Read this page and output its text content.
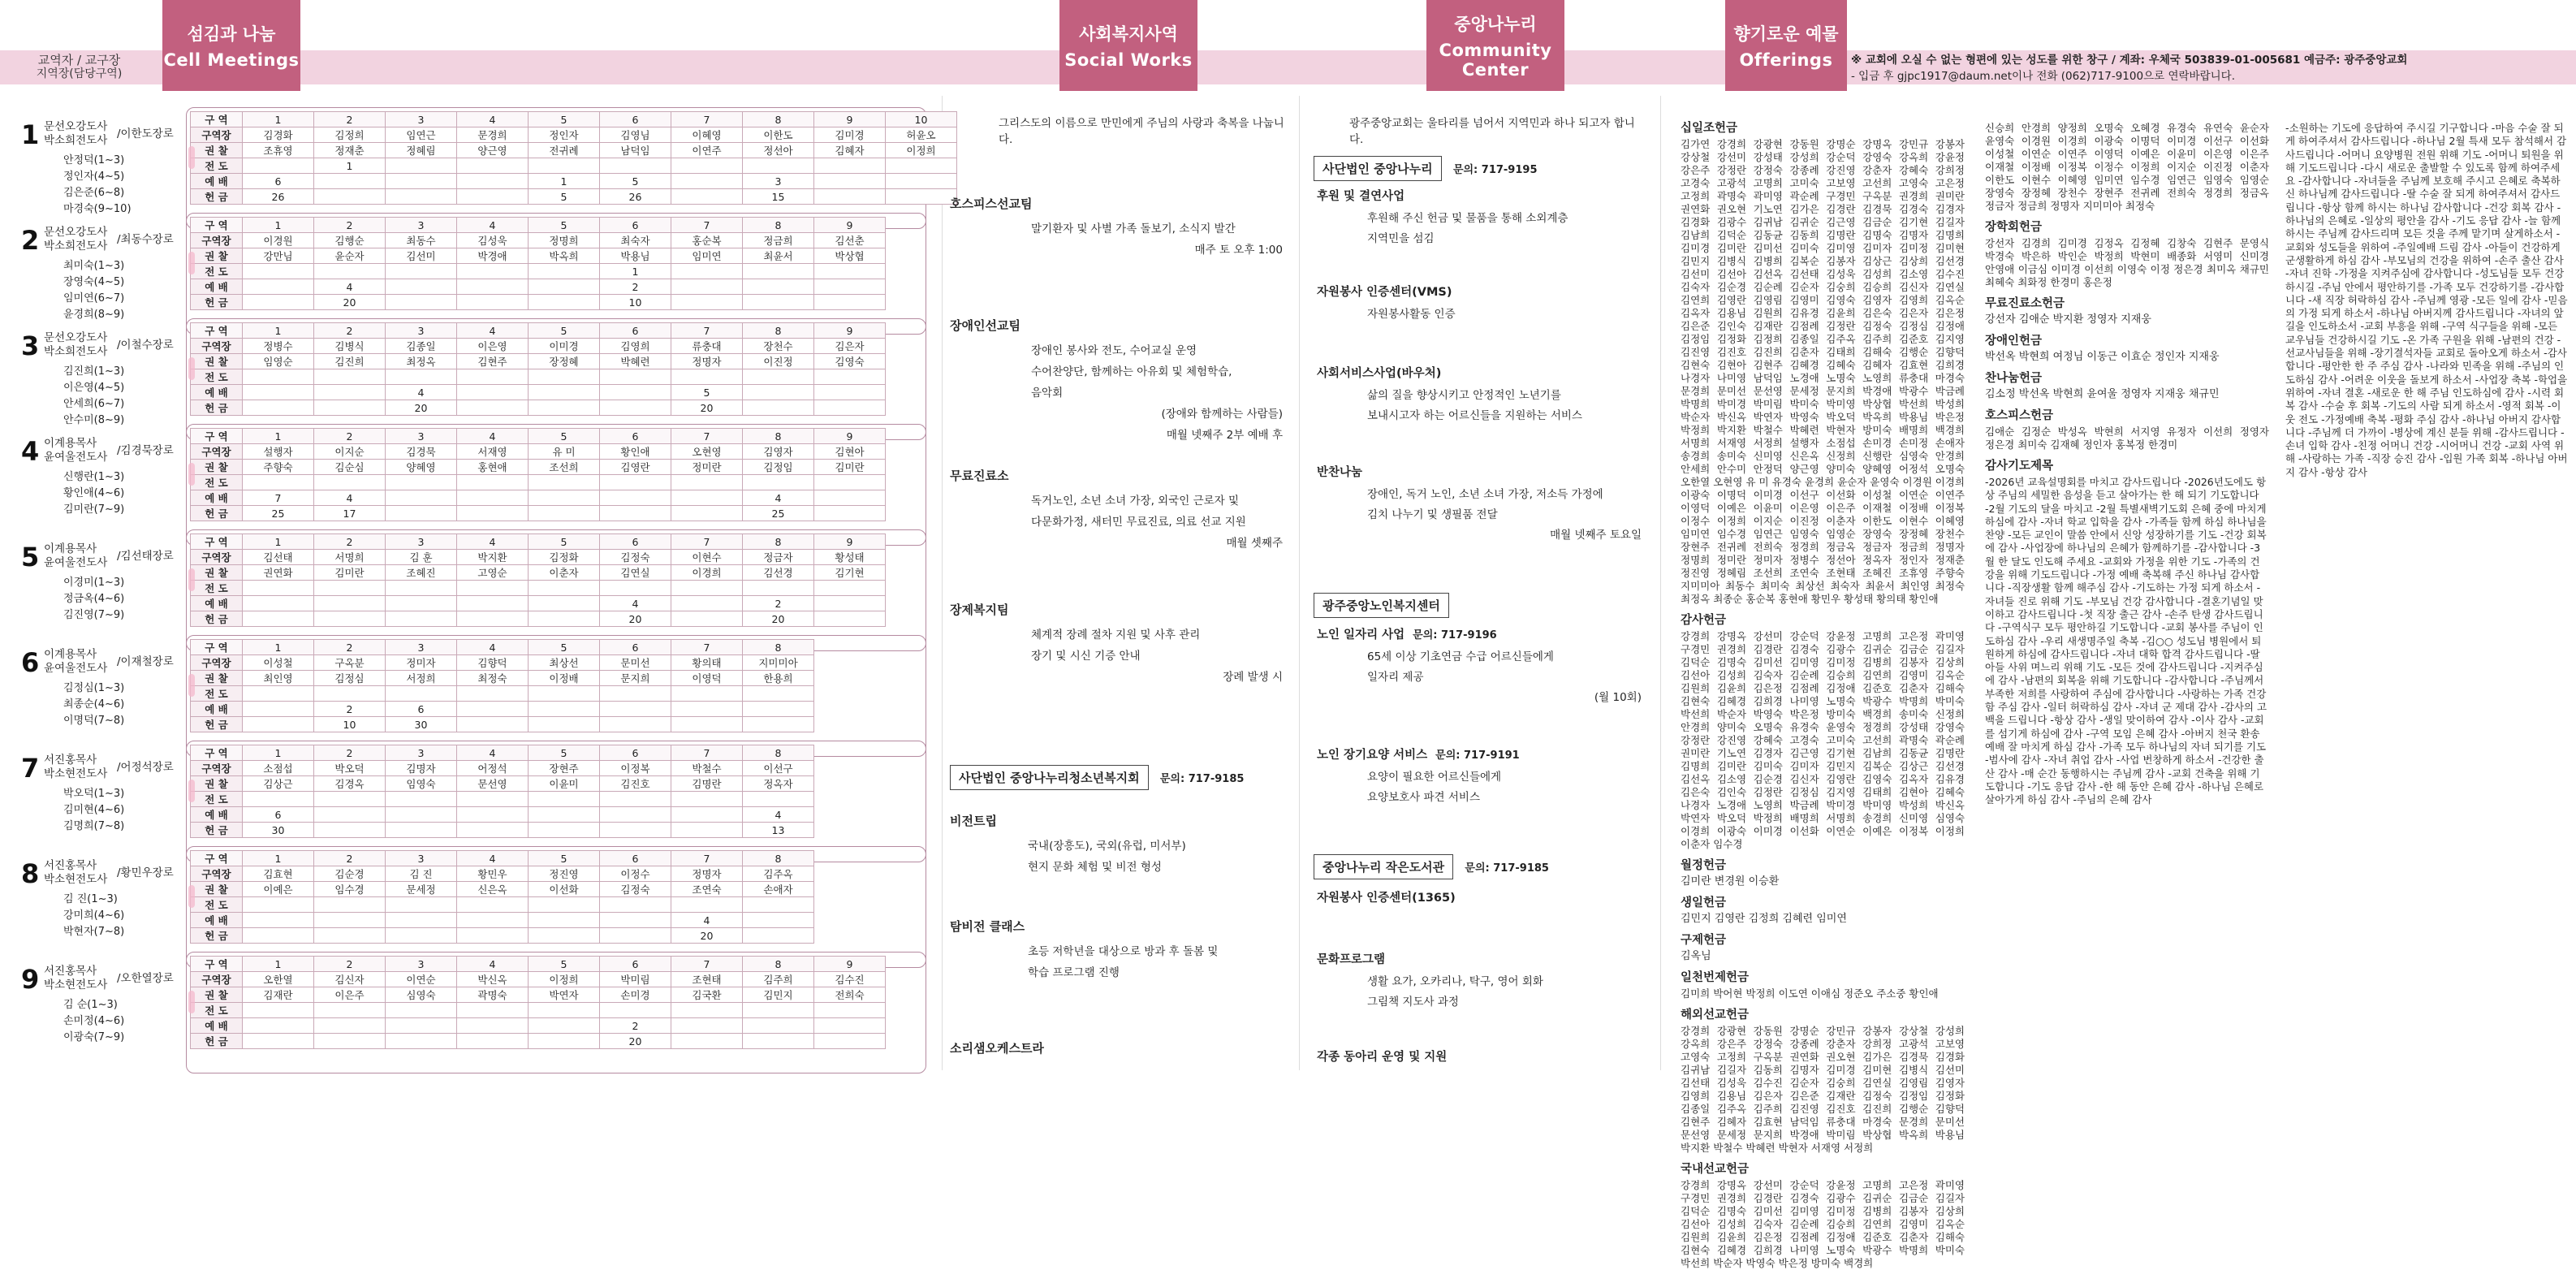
교역자 / 교구장
지역장(담당구역)
섬김과 나눔
Cell Meetings
사회복지사역
Social Works
중앙나누리
Community Center
향기로운 예물
Offerings ※ 교회에 오실 수 없는 형편에 있는 성도를 위한 창구 / 계좌: 우체국 503839-01-005681 예금주: 광주중앙교회
- 입금 후 gjpc1917@daum.net이나 전화 (062)717-9100으로 연락바랍니다.
1 문선오강도사
박소희전도사 /이한도장로
안정덕(1~3)
정인자(4~5)
김은준(6~8)
마경숙(9~10)
구 역	1	2	3	4	5	6	7	8	9	10
구역장	김경화	김정희	임연근	문경희	정인자	김영님	이혜영	이한도	김미경	허윤오
권 찰	조휴영	정재춘	정혜림	양근영	전귀례	남덕임	이연주	정선아	김혜자	이정희
전 도		1								
예 배	6				1	5		3		
헌 금	26				5	26		15		
2 문선오강도사
박소희전도사 /최동수장로
최미숙(1~3)
장영숙(4~5)
임미연(6~7)
윤경희(8~9)
구 역	1	2	3	4	5	6	7	8	9
구역장	이경원	김행순	최동수	김성욱	정명희	최숙자	홍순복	정금희	김선춘
권 찰	강만님	윤순자	김선미	박경애	박옥희	박용님	임미연	최윤서	박상협
전 도						1			
예 배		4				2			
헌 금		20				10			
3 문선오강도사
박소희전도사 /이철수장로
김진희(1~3)
이은영(4~5)
안세희(6~7)
안수미(8~9)
구 역	1	2	3	4	5	6	7	8	9
구역장	정병수	김병식	김종일	이은영	이미경	김영희	류충대	장천수	김은자
권 찰	임영순	김진희	최정옥	김현주	장정혜	박혜련	정명자	이진정	김영숙
전 도									
예 배			4				5		
헌 금			20				20		
4 이계용목사
윤여울전도사 /김경묵장로
신행란(1~3)
황인애(4~6)
김미란(7~9)
구 역	1	2	3	4	5	6	7	8	9
구역장	설행자	이지순	김경묵	서재영	유 미	황인애	오현영	김영자	김현아
권 찰	주향숙	김순심	양혜영	홍현애	조선희	김영란	정미란	김정임	김미란
전 도									
예 배	7	4						4	
헌 금	25	17						25	
5 이계용목사
윤여울전도사 /김선태장로
이경미(1~3)
정금옥(4~6)
김진영(7~9)
구 역	1	2	3	4	5	6	7	8	9
구역장	김선태	서명희	김 훈	박지환	김정화	김정숙	이현수	정금자	황성태
권 찰	권연화	김미란	조혜진	고영순	이춘자	김연실	이경희	김선경	김기현
전 도									
예 배						4		2	
헌 금						20		20	
6 이계용목사
윤여울전도사 /이재철장로
김정심(1~3)
최종순(4~6)
이명덕(7~8)
구 역	1	2	3	4	5	6	7	8
구역장	이성철	구옥분	정미자	김향덕	최상선	문미선	황의태	지미미아
권 찰	최인영	김정심	서정희	최정숙	이정배	문지희	이영덕	한용희
전 도								
예 배		2	6					
헌 금		10	30					
7 서진홍목사
박소현전도사 /어정석장로
박오덕(1~3)
김미현(4~6)
김명희(7~8)
구 역	1	2	3	4	5	6	7	8
구역장	소점섭	박오덕	김명자	어정석	장현주	이정복	박철수	이선구
권 찰	김상근	김경옥	임영숙	문선영	이윤미	김진호	김명란	정옥자
전 도								
예 배	6							4
헌 금	30							13
8 서진홍목사
박소현전도사 /황민우장로
김 진(1~3)
강미희(4~6)
박현자(7~8)
구 역	1	2	3	4	5	6	7	8
구역장	김효현	김순경	김 진	황민우	정진영	이정수	정명자	김주옥
권 찰	이예은	임수경	문세정	신은옥	이선화	김정숙	조연숙	손애자
전 도								
예 배							4	
헌 금							20	
9 서진홍목사
박소현전도사 /오한열장로
김 순(1~3)
손미정(4~6)
이광숙(7~9)
구 역	1	2	3	4	5	6	7	8	9
구역장	오한열	김신자	이연순	박신옥	이정희	박미림	조현태	김주희	김수진
권 찰	김재란	이은주	심영숙	곽명숙	박연자	손미경	김국환	김민지	전희숙
전 도									
예 배						2			
헌 금						20			
그리스도의 이름으로 만민에게 주님의 사랑과 축복을 나눕니다.
호스피스선교팀
말기환자 및 사별 가족 돌보기, 소식지 발간
매주 토 오후 1:00
장애인선교팀
장애인 봉사와 전도, 수어교실 운영
수어찬양단, 함께하는 아유회 및 체험학습,
음악회
(장애와 함께하는 사람들)
매월 넷째주 2부 예배 후
무료진료소
독거노인, 소년 소녀 가장, 외국인 근로자 및
다문화가정, 새터민 무료진료, 의료 선교 지원
매월 셋째주
장제복지팀
체계적 장례 절차 지원 및 사후 관리
장기 및 시신 기증 안내
장례 발생 시
사단법인 중앙나누리청소년복지회 문의: 717-9185
비전트립
국내(장흥도), 국외(유럽, 미서부)
현지 문화 체험 및 비전 형성
탐비전 클래스
초등 저학년을 대상으로 방과 후 돌봄 및
학습 프로그램 진행
소리샘오케스트라
광주중앙교회는 울타리를 넘어서 지역민과 하나 되고자 합니다.
사단법인 중앙나누리 문의: 717-9195
후원 및 결연사업
후원해 주신 헌금 및 물품을 통해 소외계층
지역민을 섬김
자원봉사 인증센터(VMS)
자원봉사활동 인증
사회서비스사업(바우처)
삶의 질을 향상시키고 안정적인 노년기를
보내시고자 하는 어르신들을 지원하는 서비스
반찬나눔
장애인, 독거 노인, 소년 소녀 가장, 저소득 가정에
김치 나누기 및 생필품 전달
매월 넷째주 토요일
광주중앙노인복지센터
노인 일자리 사업 문의: 717-9196
65세 이상 기초연금 수급 어르신들에게
일자리 제공
(월 10회)
노인 장기요양 서비스 문의: 717-9191
요양이 필요한 어르신들에게
요양보호사 파견 서비스
중앙나누리 작은도서관 문의: 717-9185
자원봉사 인증센터(1365)
문화프로그램
생활 요가, 오카리나, 탁구, 영어 회화
그림책 지도사 과정
각종 동아리 운영 및 지원
십일조헌금
김가연 강경희 강광현 강동원 강명순 강명옥 강민규 강봉자 강상철 강선미 강성태 강성희 강순덕 강영숙 강옥희 강윤정 강은주 강정란 강정숙 강종례 강진영 강춘자 강혜숙 강희정 고경숙 고광석 고명희 고미숙 고보영 고선희 고영숙 고은정 고정희 곽명숙 곽미영 곽순례 구경민 구옥분 권경희 권미란 권연화 권오현 기노연 김가은 김경란 김경묵 김경숙 김경자 김경화 김광수 김귀남 김귀순 김근영 김금순 김기현 김길자 김남희 김덕순 김동균 김동희 김명란 김명숙 김명자 김명희 김미경 김미란 김미선 김미숙 김미영 김미자 김미정 김미현 김민지 김병식 김병희 김복순 김봉자 김상근 김상희 김선경 김선미 김선아 김선옥 김선태 김성욱 김성희 김소영 김수진 김숙자 김순경 김순례 김순자 김숭희 김승희 김신자 김연실 김연희 김영란 김영림 김영미 김영숙 김영자 김영희 김옥순 김옥자 김용님 김원희 김유경 김윤희 김은숙 김은자 김은정 김은준 김인숙 김재란 김점례 김정란 김정숙 김정심 김정애 김정임 김정화 김정희 김종일 김주옥 김주희 김준호 김지영 김진영 김진호 김진희 김춘자 김태희 김해숙 김행순 김향덕 김현숙 김현아 김현주 김혜경 김혜숙 김혜자 김효현 김희경 나경자 나미영 남덕임 노경애 노명숙 노영희 류충대 마경숙 문경희 문미선 문선영 문세정 문지희 박경애 박광수 박금례 박명희 박미경 박미림 박미숙 박미영 박상협 박선희 박성희 박순자 박신옥 박연자 박영숙 박오덕 박옥희 박용님 박은정 박정희 박지환 박철수 박혜련 박현자 방미숙 배명희 백경희 서명희 서재영 서정희 설행자 소점섭 손미경 손미정 손애자 송경희 송미숙 신미영 신은옥 신정희 신행란 심영숙 안경희 안세희 안수미 안정덕 양근영 양미숙 양혜영 어정석 오명숙 오한열 오현영 유 미 유경숙 윤경희 윤순자 윤영숙 이경원 이경희 이광숙 이명덕 이미경 이선구 이선화 이성철 이연순 이연주 이영덕 이예은 이윤미 이은영 이은주 이재철 이정배 이정복 이정수 이정희 이지순 이진정 이춘자 이한도 이현수 이혜영 임미연 임수경 임연근 임영숙 임영순 장영숙 장정혜 장천수 장현주 전귀례 전희숙 정경희 정금옥 정금자 정금희 정명자 정명희 정미란 정미자 정병수 정선아 정옥자 정인자 정재춘 정진영 정혜림 조선희 조연숙 조현태 조혜진 조휴영 주향숙 지미미아 최동수 최미숙 최상선 최숙자 최윤서 최인영 최정숙 최정옥 최종순 홍순복 홍현애 황민우 황성태 황의태 황인애
감사헌금
강경희 강명옥 강선미 강순덕 강윤정 고명희 고은정 곽미영 구경민 권경희 김경란 김경숙 김광수 김귀순 김금순 김길자 김덕순 김명숙 김미선 김미영 김미정 김병희 김봉자 김상희 김선아 김성희 김숙자 김순례 김승희 김연희 김영미 김옥순 김원희 김윤희 김은정 김점례 김정애 김준호 김춘자 김해숙 김현숙 김혜경 김희경 나미영 노명숙 박광수 박명희 박미숙 박선희 박순자 박영숙 박은정 방미숙 백경희 송미숙 신정희 안경희 양미숙 오명숙 유경숙 윤영숙 정경희 강성태 강영숙 강정란 강진영 강혜숙 고경숙 고미숙 고선희 곽명숙 곽순례 권미란 기노연 김경자 김근영 김기현 김남희 김동균 김명란 김명희 김미란 김미숙 김미자 김민지 김복순 김상근 김선경 김선옥 김소영 김순경 김신자 김영란 김영숙 김옥자 김유경 김은숙 김인숙 김정란 김정심 김지영 김태희 김현아 김혜숙 나경자 노경애 노영희 박금례 박미경 박미영 박성희 박신옥 박연자 박오덕 박정희 배명희 서명희 송경희 신미영 심영숙 이경희 이광숙 이미경 이선화 이연순 이예은 이정복 이정희 이춘자 임수경
월정헌금
김미란 변경원 이승환
생일헌금
김민지 김영란 김정희 김혜련 임미연
구제헌금
김옥님
일천번제헌금
김미희 박어현 박정희 이도연 이애심 정준오 주소중 황인애
해외선교헌금
강경희 강광현 강동원 강명순 강민규 강봉자 강상철 강성희 강옥희 강은주 강정숙 강종례 강춘자 강희정 고광석 고보영 고영숙 고정희 구옥분 권연화 권오현 김가은 김경묵 김경화 김귀남 김길자 김동희 김명자 김미경 김미현 김병식 김선미 김선태 김성욱 김수진 김순자 김숭희 김연실 김영림 김영자 김영희 김용님 김은자 김은준 김재란 김정숙 김정임 김정화 김종일 김주옥 김주희 김진영 김진호 김진희 김행순 김향덕 김현주 김혜자 김효현 남덕임 류충대 마경숙 문경희 문미선 문선영 문세정 문지희 박경애 박미림 박상협 박옥희 박용님 박지환 박철수 박혜련 박현자 서재영 서정희
국내선교헌금
강경희 강명옥 강선미 강순덕 강윤정 고명희 고은정 곽미영 구경민 권경희 김경란 김경숙 김광수 김귀순 김금순 김길자 김덕순 김명숙 김미선 김미영 김미정 김병희 김봉자 김상희 김선아 김성희 김숙자 김순례 김승희 김연희 김영미 김옥순 김원희 김윤희 김은정 김점례 김정애 김준호 김춘자 김해숙 김현숙 김혜경 김희경 나미영 노명숙 박광수 박명희 박미숙 박선희 박순자 박영숙 박은정 방미숙 백경희
신승희 안경희 양정희 오명숙 오혜경 유경숙 유연숙 윤순자 윤영숙 이경원 이경희 이광숙 이명덕 이미경 이선구 이선화 이성철 이연순 이연주 이영덕 이예은 이윤미 이은영 이은주 이재철 이정배 이정복 이정수 이정희 이지순 이진정 이춘자 이한도 이현수 이혜영 임미연 임수경 임연근 임영숙 임영순 장영숙 장정혜 장천수 장현주 전귀례 전희숙 정경희 정금옥 정금자 정금희 정명자 지미미아 최정숙
장학회헌금
강선자 김경희 김미경 김정옥 김정혜 김창숙 김현주 문영식 박경숙 박은하 박인순 박정희 박현미 배종화 서영미 신미경 안영애 이금심 이미경 이선희 이영숙 이정 정은경 최미옥 채규민 최혜숙 최화정 한경미 홍은정
무료진료소헌금
강선자 김애순 박지환 정영자 지재웅
장애인헌금
박선옥 박현희 여정님 이동근 이효순 정인자 지재웅
찬나눔헌금
김소정 박선옥 박현희 윤여울 정영자 지재웅 채규민
호스피스헌금
김애순 김정순 박성옥 박현희 서지영 유정자 이선희 정영자 정은경 최미숙 김재혜 정인자 홍복정 한경미
감사기도제목
-2026년 교육설명회를 마치고 감사드립니다 -2026년도에도 항상 주님의 세밀한 음성을 듣고 살아가는 한 해 되기 기도합니다 -2월 기도의 달을 마치고 -2월 특별새벽기도회 은혜 중에 마치게 하심에 감사 -자녀 학교 입학을 감사 -가족들 함께 하심 하나님을 찬양 -모든 교인이 말씀 안에서 신앙 성장하기를 기도 -건강 회복에 감사 -사업장에 하나님의 은혜가 함께하기를 -감사합니다 -3월 한 달도 인도해 주세요 -교회와 가정을 위한 기도 -가족의 건강을 위해 기도드립니다 -가정 예배 축복해 주신 하나님 감사합니다 -직장생활 함께 해주심 감사 -기도하는 가정 되게 하소서 -자녀들 진로 위해 기도 -부모님 건강 감사합니다 -결혼기념일 맞이하고 감사드립니다 -첫 직장 출근 감사 -손주 탄생 감사드립니다 -구역식구 모두 평안하길 기도합니다 -교회 봉사를 주님이 인도하심 감사 -우리 새생명주일 축복 -김○○ 성도님 병원에서 퇴원하게 하심에 감사드립니다 -자녀 대학 합격 감사드립니다 -딸 아들 사위 며느리 위해 기도 -모든 것에 감사드립니다 -지켜주심에 감사 -남편의 회복을 위해 기도합니다 -감사합니다 -주님께서 부족한 저희를 사랑하여 주심에 감사합니다 -사랑하는 가족 건강함 주심 감사 -일터 허락하심 감사 -자녀 군 제대 감사 -감사의 고백을 드립니다 -항상 감사 -생일 맞이하여 감사 -이사 감사 -교회를 섬기게 하심에 감사 -구역 모임 은혜 감사 -아버지 천국 환송예배 잘 마치게 하심 감사 -가족 모두 하나님의 자녀 되기를 기도 -범사에 감사 -자녀 취업 감사 -사업 번창하게 하소서 -건강한 출산 감사 -매 순간 동행하시는 주님께 감사 -교회 건축을 위해 기도합니다 -기도 응답 감사 -한 해 동안 은혜 감사 -하나님 은혜로 살아가게 하심 감사 -주님의 은혜 감사
-소원하는 기도에 응답하여 주시길 기구합니다 -마음 수술 잘 되게 하여주셔서 감사드립니다 -하나님 2월 특새 모두 참석해서 감사드립니다 -어머니 요양병원 전원 위해 기도 -어머니 퇴원을 위해 기도드립니다 -다시 새로운 출발할 수 있도록 함께 하여주세요 -감사합니다 -자녀들을 주님께 보호해 주시고 은혜로 축복하신 하나님께 감사드립니다 -딸 수술 잘 되게 하여주셔서 감사드립니다 -항상 함께 하시는 하나님 감사합니다 -건강 회복 감사 -하나님의 은혜로 -일상의 평안을 감사 -기도 응답 감사 -늘 함께하시는 주님께 감사드리며 모든 것을 주께 맡기며 살게하소서 -교회와 성도들을 위하여 -주일예배 드림 감사 -아들이 건강하게 군생활하게 하심 감사 -부모님의 건강을 위하여 -손주 출산 감사 -자녀 진학 -가정을 지켜주심에 감사합니다 -성도님들 모두 건강하시길 -주님 안에서 평안하기를 -가족 모두 건강하기를 -감사합니다 -새 직장 허락하심 감사 -주님께 영광 -모든 일에 감사 -믿음의 가정 되게 하소서 -하나님 아버지께 감사드립니다 -자녀의 앞길을 인도하소서 -교회 부흥을 위해 -구역 식구들을 위해 -모든 교우님들 건강하시길 기도 -온 가족 구원을 위해 -남편의 건강 -선교사님들을 위해 -장기결석자들 교회로 돌아오게 하소서 -감사합니다 -평안한 한 주 주심 감사 -나라와 민족을 위해 -주님의 인도하심 감사 -어려운 이웃을 돌보게 하소서 -사업장 축복 -학업을 위하여 -자녀 결혼 -새로운 한 해 주님 인도하심에 감사 -시력 회복 감사 -수술 후 회복 -기도의 사람 되게 하소서 -영적 회복 -이웃 전도 -가정예배 축복 -평화 주심 감사 -하나님 아버지 감사합니다 -주님께 더 가까이 -병상에 계신 분들 위해 -감사드립니다 -손녀 입학 감사 -친정 어머니 건강 -시어머니 건강 -교회 사역 위해 -사랑하는 가족 -직장 승진 감사 -입원 가족 회복 -하나님 아버지 감사 -항상 감사
